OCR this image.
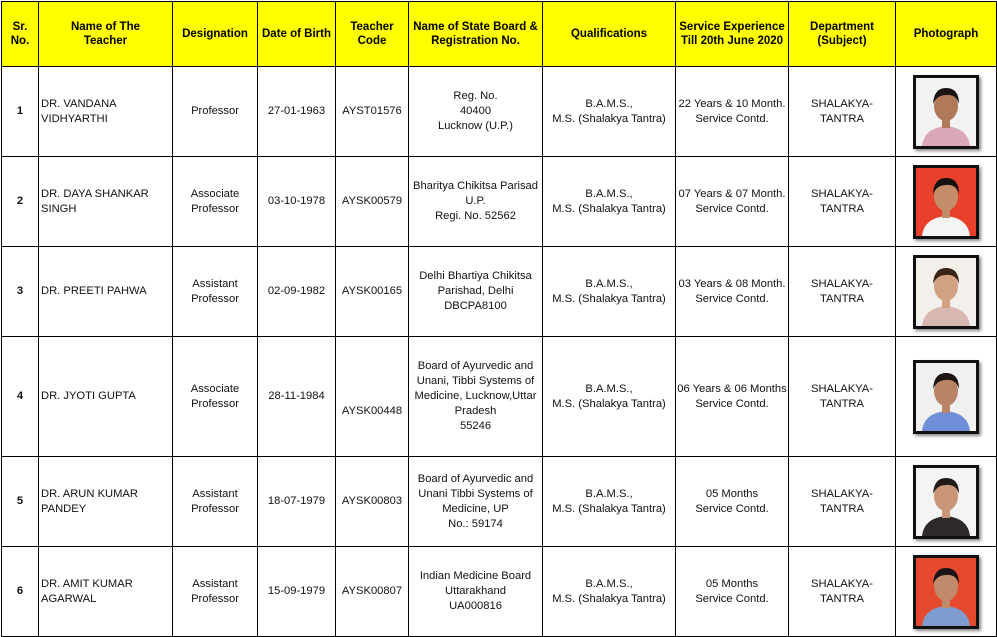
Sr.
No.	Name of The
Teacher	Designation	Date of Birth	Teacher
Code	Name of State Board &
Registration No.	Qualifications	Service Experience
Till 20th June 2020	Department
(Subject)	Photograph

1	DR. VANDANA
VIDHYARTHI	Professor	27-01-1963	AYST01576	Reg. No.
40400
Lucknow (U.P.)	B.A.M.S.,
M.S. (Shalakya Tantra)	22 Years & 10 Month.
Service Contd.	SHALAKYA-
TANTRA	

2	DR. DAYA SHANKAR
SINGH	Associate
Professor	03-10-1978	AYSK00579	Bharitya Chikitsa Parisad
U.P.
Regi. No. 52562	B.A.M.S.,
M.S. (Shalakya Tantra)	07 Years & 07 Month.
Service Contd.	SHALAKYA-
TANTRA	

3	DR. PREETI PAHWA	Assistant
Professor	02-09-1982	AYSK00165	Delhi Bhartiya Chikitsa
Parishad, Delhi
DBCPA8100	B.A.M.S.,
M.S. (Shalakya Tantra)	03 Years & 08 Month.
Service Contd.	SHALAKYA-
TANTRA	

4	DR. JYOTI GUPTA	Associate
Professor	28-11-1984	AYSK00448	Board of Ayurvedic and
Unani, Tibbi Systems of
Medicine, Lucknow,Uttar
Pradesh
55246	B.A.M.S.,
M.S. (Shalakya Tantra)	06 Years & 06 Months
Service Contd.	SHALAKYA-
TANTRA	

5	DR. ARUN KUMAR
PANDEY	Assistant
Professor	18-07-1979	AYSK00803	Board of Ayurvedic and
Unani Tibbi Systems of
Medicine, UP
No.: 59174	B.A.M.S.,
M.S. (Shalakya Tantra)	05 Months
Service Contd.	SHALAKYA-
TANTRA	

6	DR. AMIT KUMAR
AGARWAL	Assistant
Professor	15-09-1979	AYSK00807	Indian Medicine Board
Uttarakhand
UA000816	B.A.M.S.,
M.S. (Shalakya Tantra)	05 Months
Service Contd.	SHALAKYA-
TANTRA	
